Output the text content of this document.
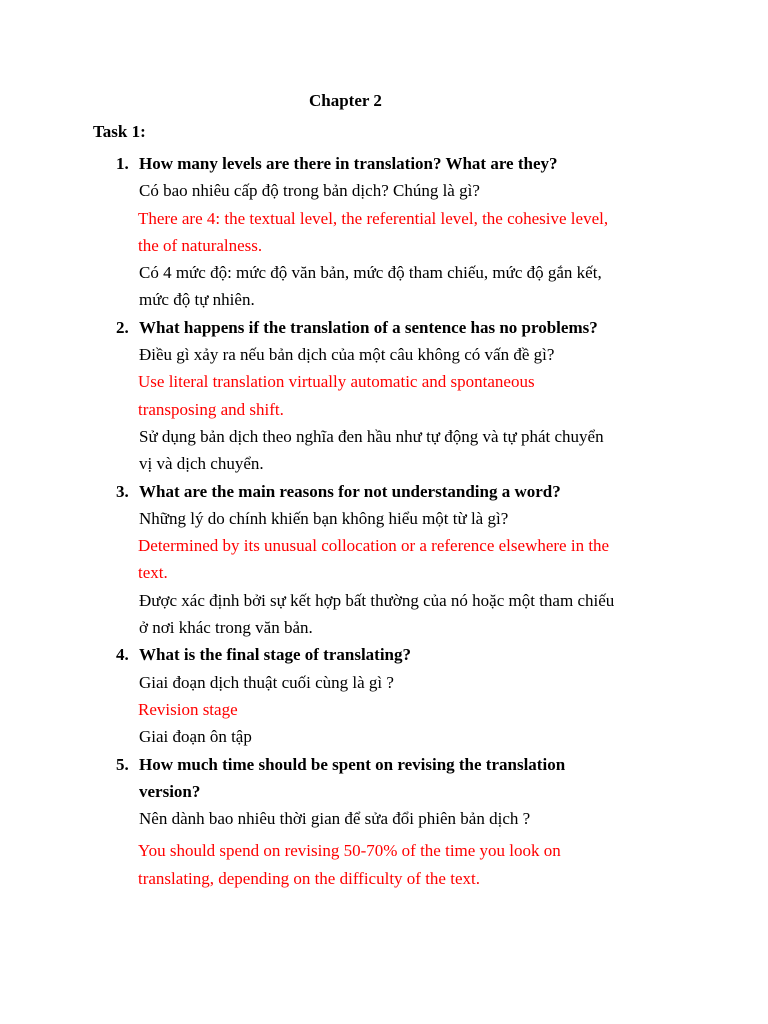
Chapter 2
Task 1:
1. How many levels are there in translation? What are they?
Có bao nhiêu cấp độ trong bản dịch? Chúng là gì?
There are 4: the textual level, the referential level, the cohesive level, the of naturalness.
Có 4 mức độ: mức độ văn bản, mức độ tham chiếu, mức độ gắn kết, mức độ tự nhiên.
2. What happens if the translation of a sentence has no problems?
Điều gì xảy ra nếu bản dịch của một câu không có vấn đề gì?
Use literal translation virtually automatic and spontaneous transposing and shift.
Sử dụng bản dịch theo nghĩa đen hầu như tự động và tự phát chuyển vị và dịch chuyển.
3. What are the main reasons for not understanding a word?
Những lý do chính khiến bạn không hiểu một từ là gì?
Determined by its unusual collocation or a reference elsewhere in the text.
Được xác định bởi sự kết hợp bất thường của nó hoặc một tham chiếu ở nơi khác trong văn bản.
4. What is the final stage of translating?
Giai đoạn dịch thuật cuối cùng là gì ?
Revision stage
Giai đoạn ôn tập
5. How much time should be spent on revising the translation version?
Nên dành bao nhiêu thời gian để sửa đổi phiên bản dịch ?
You should spend on revising 50-70% of the time you look on translating, depending on the difficulty of the text.
